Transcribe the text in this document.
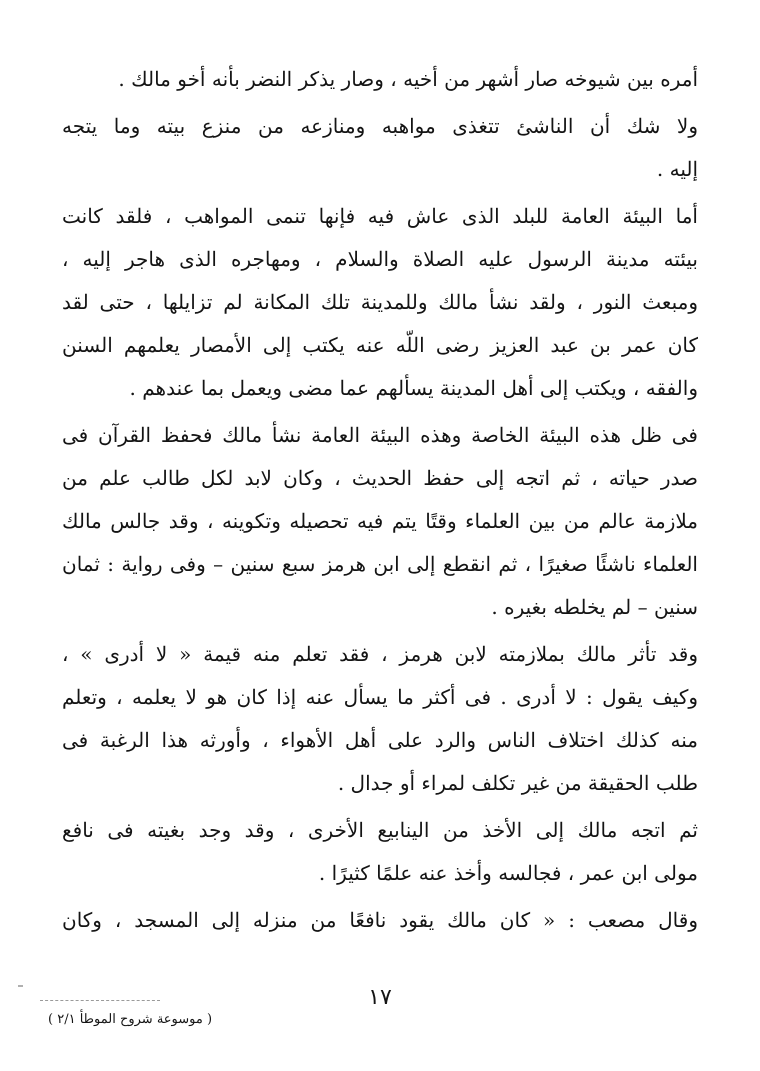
أمره بين شيوخه صار أشهر من أخيه ، وصار يذكر النضر بأنه أخو مالك .
ولا شك أن الناشئ تتغذى مواهبه ومنازعه من منزع بيته وما يتجه
إليه .
أما البيئة العامة للبلد الذى عاش فيه فإنها تنمى المواهب ، فلقد كانت
بيئته مدينة الرسول عليه الصلاة والسلام ، ومهاجره الذى هاجر إليه ،
ومبعث النور ، ولقد نشأ مالك وللمدينة تلك المكانة لم تزايلها ، حتى لقد
كان عمر بن عبد العزيز رضى اللّه عنه يكتب إلى الأمصار يعلمهم السنن
والفقه ، ويكتب إلى أهل المدينة يسألهم عما مضى ويعمل بما عندهم .
فى ظل هذه البيئة الخاصة وهذه البيئة العامة نشأ مالك فحفظ القرآن فى
صدر حياته ، ثم اتجه إلى حفظ الحديث ، وكان لابد لكل طالب علم من
ملازمة عالم من بين العلماء وقتًا يتم فيه تحصيله وتكوينه ، وقد جالس مالك
العلماء ناشئًا صغيرًا ، ثم انقطع إلى ابن هرمز سبع سنين – وفى رواية : ثمان
سنين – لم يخلطه بغيره .
وقد تأثر مالك بملازمته لابن هرمز ، فقد تعلم منه قيمة « لا أدرى » ،
وكيف يقول : لا أدرى . فى أكثر ما يسأل عنه إذا كان هو لا يعلمه ، وتعلم
منه كذلك اختلاف الناس والرد على أهل الأهواء ، وأورثه هذا الرغبة فى
طلب الحقيقة من غير تكلف لمراء أو جدال .
ثم اتجه مالك إلى الأخذ من الينابيع الأخرى ، وقد وجد بغيته فى نافع
مولى ابن عمر ، فجالسه وأخذ عنه علمًا كثيرًا .
وقال مصعب : « كان مالك يقود نافعًا من منزله إلى المسجد ، وكان
١٧
( موسوعة شروح الموطأ ٢/١ )
